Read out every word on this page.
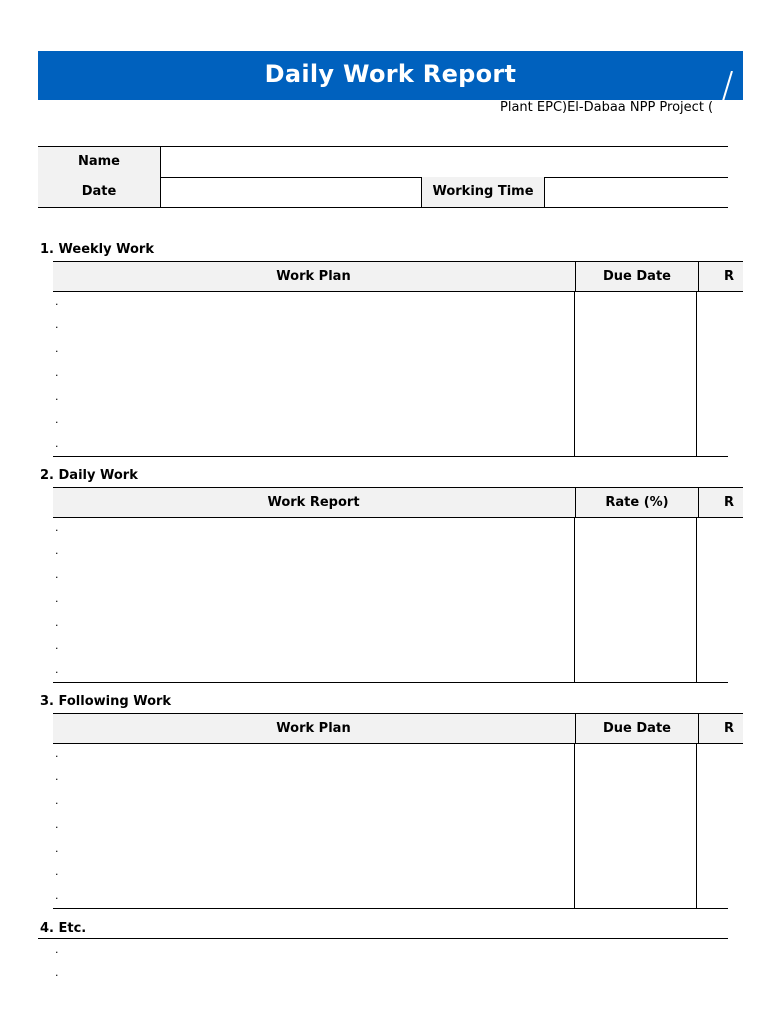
Daily Work Report
Plant EPC)El-Dabaa NPP Project (
Name
Date	Working Time
1. Weekly Work
Work Plan	Due Date	R
.
.
.
.
.
.
.
2. Daily Work
Work Report	Rate (%)	R
.
.
.
.
.
.
.
3. Following Work
Work Plan	Due Date	R
.
.
.
.
.
.
.
4. Etc.
.
.
